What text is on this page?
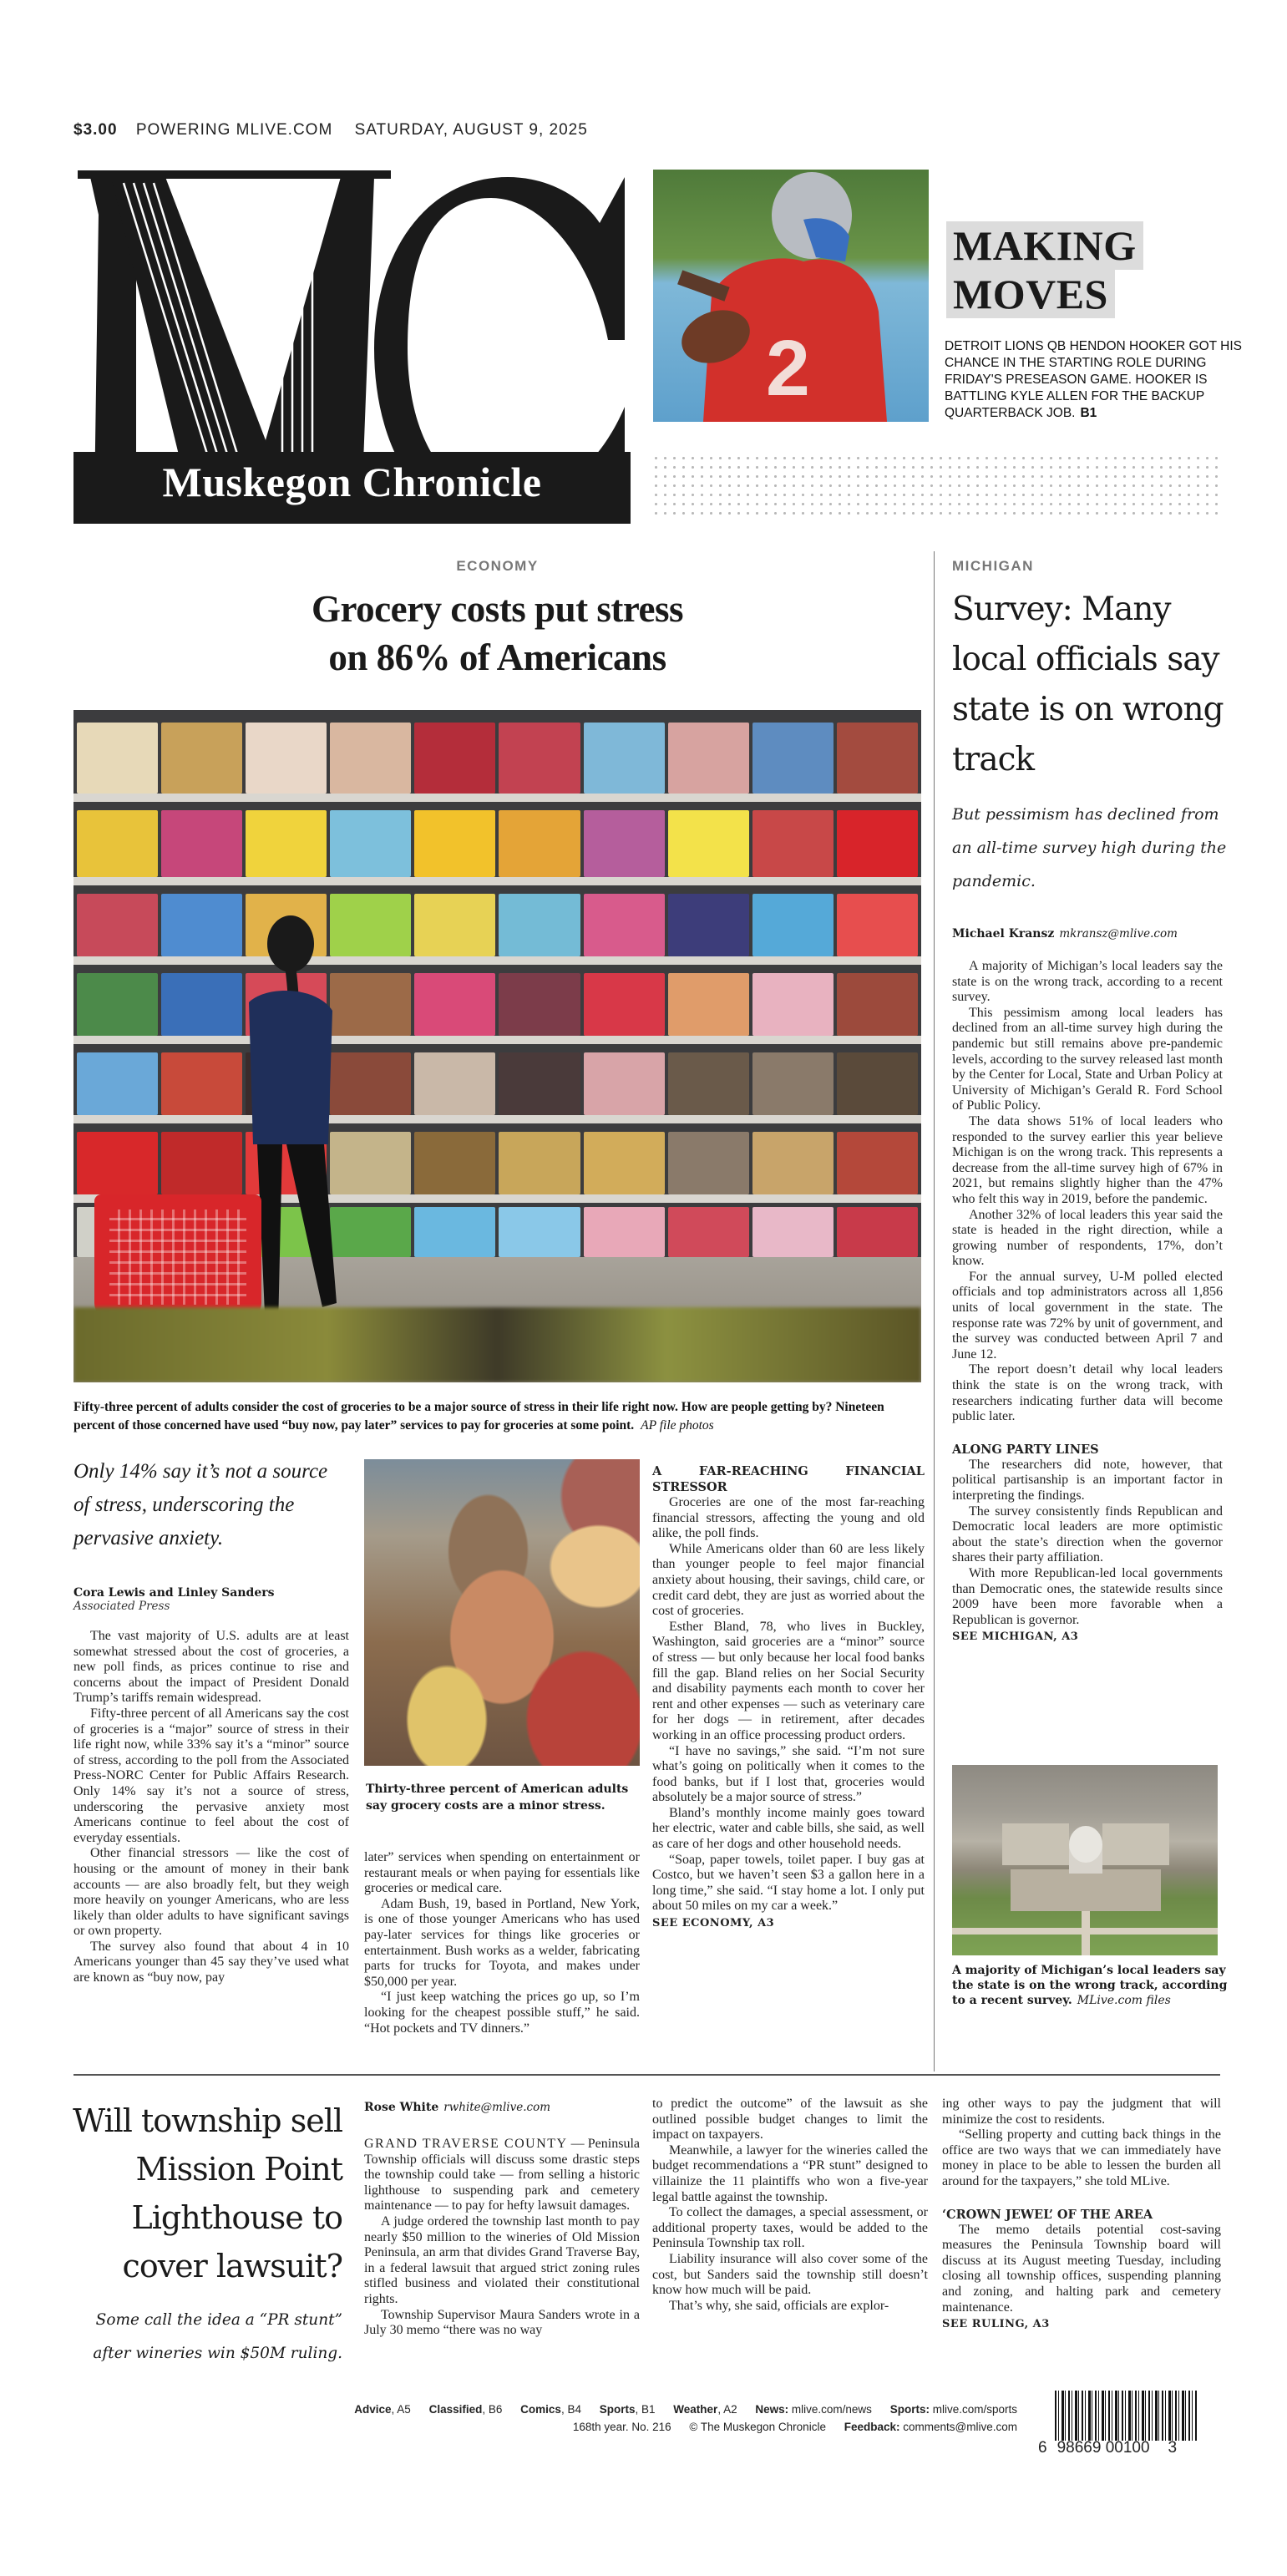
$3.00 POWERING MLIVE.COM SATURDAY, AUGUST 9, 2025
Muskegon Chronicle
2
MAKING
MOVES
DETROIT LIONS QB HENDON HOOKER GOT HIS CHANCE IN THE STARTING ROLE DURING FRIDAY'S PRESEASON GAME. HOOKER IS BATTLING KYLE ALLEN FOR THE BACKUP QUARTERBACK JOB. B1
ECONOMY
Grocery costs put stress
on 86% of Americans
Fifty-three percent of adults consider the cost of groceries to be a major source of stress in their life right now. How are people getting by? Nineteen percent of those concerned have used “buy now, pay later” services to pay for groceries at some point. AP file photos
Only 14% say it’s not a source of stress, underscoring the pervasive anxiety.
Cora Lewis and Linley Sanders
Associated Press

The vast majority of U.S. adults are at least somewhat stressed about the cost of groceries, a new poll finds, as prices continue to rise and concerns about the impact of President Donald Trump’s tariffs remain widespread.

Fifty-three percent of all Americans say the cost of groceries is a “major” source of stress in their life right now, while 33% say it’s a “minor” source of stress, according to the poll from the Associated Press-NORC Center for Public Affairs Research. Only 14% say it’s not a source of stress, underscoring the pervasive anxiety most Americans continue to feel about the cost of everyday essentials.

Other financial stressors — like the cost of housing or the amount of money in their bank accounts — are also broadly felt, but they weigh more heavily on younger Americans, who are less likely than older adults to have significant savings or own property.

The survey also found that about 4 in 10 Americans younger than 45 say they’ve used what are known as “buy now, pay

Thirty-three percent of American adults say grocery costs are a minor stress.

later” services when spending on entertainment or restaurant meals or when paying for essentials like groceries or medical care.

Adam Bush, 19, based in Portland, New York, is one of those younger Americans who has used pay-later services for things like groceries or entertainment. Bush works as a welder, fabricating parts for trucks for Toyota, and makes under $50,000 per year.

“I just keep watching the prices go up, so I’m looking for the cheapest possible stuff,” he said. “Hot pockets and TV dinners.”

A FAR-REACHING FINANCIAL STRESSOR

Groceries are one of the most far-reaching financial stressors, affecting the young and old alike, the poll finds.

While Americans older than 60 are less likely than younger people to feel major financial anxiety about housing, their savings, child care, or credit card debt, they are just as worried about the cost of groceries.

Esther Bland, 78, who lives in Buckley, Washington, said groceries are a “minor” source of stress — but only because her local food banks fill the gap. Bland relies on her Social Security and disability payments each month to cover her rent and other expenses — such as veterinary care for her dogs — in retirement, after decades working in an office processing product orders.

“I have no savings,” she said. “I’m not sure what’s going on politically when it comes to the food banks, but if I lost that, groceries would absolutely be a major source of stress.”

Bland’s monthly income mainly goes toward her electric, water and cable bills, she said, as well as care of her dogs and other household needs.

“Soap, paper towels, toilet paper. I buy gas at Costco, but we haven’t seen $3 a gallon here in a long time,” she said. “I stay home a lot. I only put about 50 miles on my car a week.”

SEE ECONOMY, A3
MICHIGAN
Survey: Many local officials say state is on wrong track
But pessimism has declined from an all-time survey high during the pandemic.
Michael Kransz mkransz@mlive.com

A majority of Michigan’s local leaders say the state is on the wrong track, according to a recent survey.

This pessimism among local leaders has declined from an all-time survey high during the pandemic but still remains above pre-pandemic levels, according to the survey released last month by the Center for Local, State and Urban Policy at University of Michigan’s Gerald R. Ford School of Public Policy.

The data shows 51% of local leaders who responded to the survey earlier this year believe Michigan is on the wrong track. This represents a decrease from the all-time survey high of 67% in 2021, but remains slightly higher than the 47% who felt this way in 2019, before the pandemic.

Another 32% of local leaders this year said the state is headed in the right direction, while a growing number of respondents, 17%, don’t know.

For the annual survey, U-M polled elected officials and top administrators across all 1,856 units of local government in the state. The response rate was 72% by unit of government, and the survey was conducted between April 7 and June 12.

The report doesn’t detail why local leaders think the state is on the wrong track, with researchers indicating further data will become public later.

ALONG PARTY LINES

The researchers did note, however, that political partisanship is an important factor in interpreting the findings.

The survey consistently finds Republican and Democratic local leaders are more optimistic about the state’s direction when the governor shares their party affiliation.

With more Republican-led local governments than Democratic ones, the statewide results since 2009 have been more favorable when a Republican is governor.

SEE MICHIGAN, A3
A majority of Michigan’s local leaders say the state is on the wrong track, according to a recent survey. MLive.com files
Will township sell Mission Point Lighthouse to cover lawsuit?
Some call the idea a “PR stunt” after wineries win $50M ruling.
Rose White rwhite@mlive.com

GRAND TRAVERSE COUNTY — Peninsula Township officials will discuss some drastic steps the township could take — from selling a historic lighthouse to suspending park and cemetery maintenance — to pay for hefty lawsuit damages.

A judge ordered the township last month to pay nearly $50 million to the wineries of Old Mission Peninsula, an arm that divides Grand Traverse Bay, in a federal lawsuit that argued strict zoning rules stifled business and violated their constitutional rights.

Township Supervisor Maura Sanders wrote in a July 30 memo “there was no way

to predict the outcome” of the lawsuit as she outlined possible budget changes to limit the impact on taxpayers.

Meanwhile, a lawyer for the wineries called the budget recommendations a “PR stunt” designed to villainize the 11 plaintiffs who won a five-year legal battle against the township.

To collect the damages, a special assessment, or additional property taxes, would be added to the Peninsula Township tax roll.

Liability insurance will also cover some of the cost, but Sanders said the township still doesn’t know how much will be paid.

That’s why, she said, officials are explor-

ing other ways to pay the judgment that will minimize the cost to residents.

“Selling property and cutting back things in the office are two ways that we can immediately have money in place to be able to lessen the burden all around for the taxpayers,” she told MLive.

‘CROWN JEWEL’ OF THE AREA

The memo details potential cost-saving measures the Peninsula Township board will discuss at its August meeting Tuesday, including closing all township offices, suspending planning and zoning, and halting park and cemetery maintenance.

SEE RULING, A3
Advice, A5 Classified, B6 Comics, B4 Sports, B1 Weather, A2 News: mlive.com/news Sports: mlive.com/sports
168th year. No. 216 © The Muskegon Chronicle Feedback: comments@mlive.com
6 98669 00100 3
